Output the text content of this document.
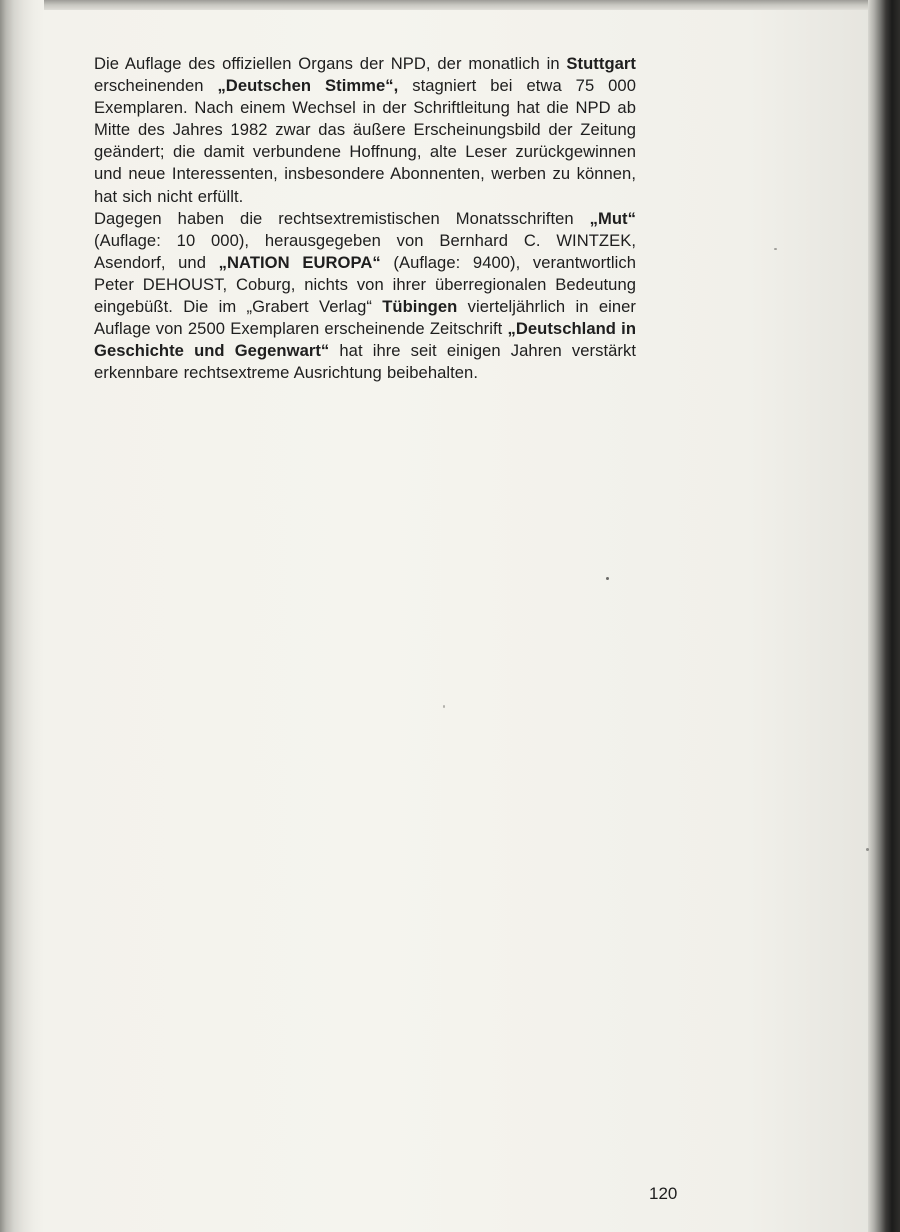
Die Auflage des offiziellen Organs der NPD, der monatlich in Stuttgart erscheinenden „Deutschen Stimme“, stagniert bei etwa 75 000 Exemplaren. Nach einem Wechsel in der Schriftleitung hat die NPD ab Mitte des Jahres 1982 zwar das äußere Erscheinungsbild der Zeitung geändert; die damit verbundene Hoffnung, alte Leser zurückgewinnen und neue Interessenten, insbesondere Abonnenten, werben zu können, hat sich nicht erfüllt.

Dagegen haben die rechtsextremistischen Monatsschriften „Mut“ (Auflage: 10 000), herausgegeben von Bernhard C. WINTZEK, Asendorf, und „NATION EUROPA“ (Auflage: 9400), verantwortlich Peter DEHOUST, Coburg, nichts von ihrer überregionalen Bedeutung eingebüßt. Die im „Grabert Verlag“ Tübingen vierteljährlich in einer Auflage von 2500 Exemplaren erscheinende Zeitschrift „Deutschland in Geschichte und Gegenwart“ hat ihre seit einigen Jahren verstärkt erkennbare rechtsextreme Ausrichtung beibehalten.

120
